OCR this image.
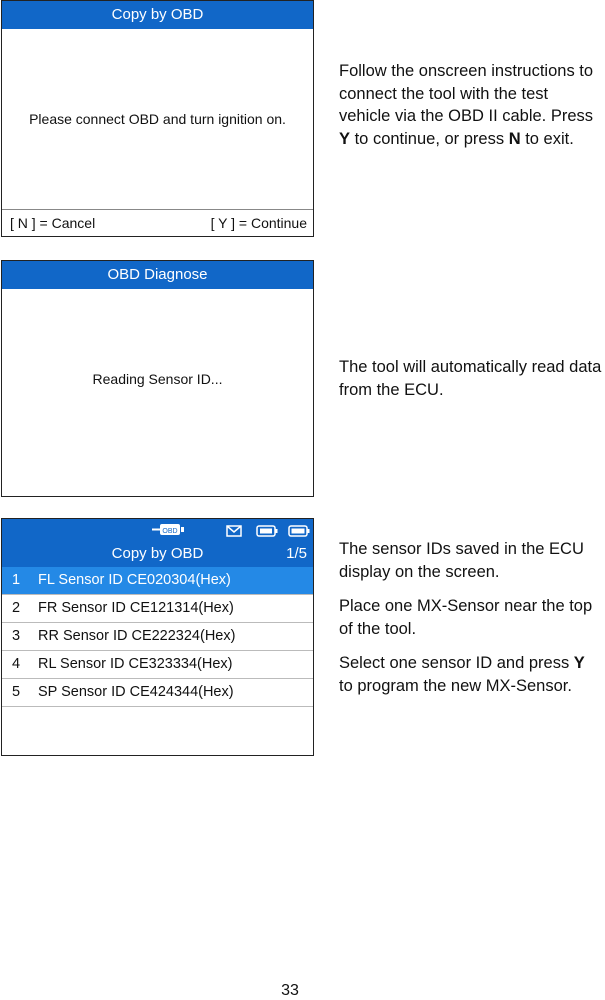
Copy by OBD
Please connect OBD and turn ignition on.
[ N ] = Cancel	[ Y ] = Continue

Follow the onscreen instructions to connect the tool with the test vehicle via the OBD II cable. Press Y to continue, or press N to exit.

OBD Diagnose
Reading Sensor ID...

The tool will automatically read data from the ECU.

OBD
Copy by OBD	1/5
1 FL Sensor ID CE020304(Hex)
2 FR Sensor ID CE121314(Hex)
3 RR Sensor ID CE222324(Hex)
4 RL Sensor ID CE323334(Hex)
5 SP Sensor ID CE424344(Hex)

The sensor IDs saved in the ECU display on the screen.

Place one MX-Sensor near the top of the tool.

Select one sensor ID and press Y to program the new MX-Sensor.

33
